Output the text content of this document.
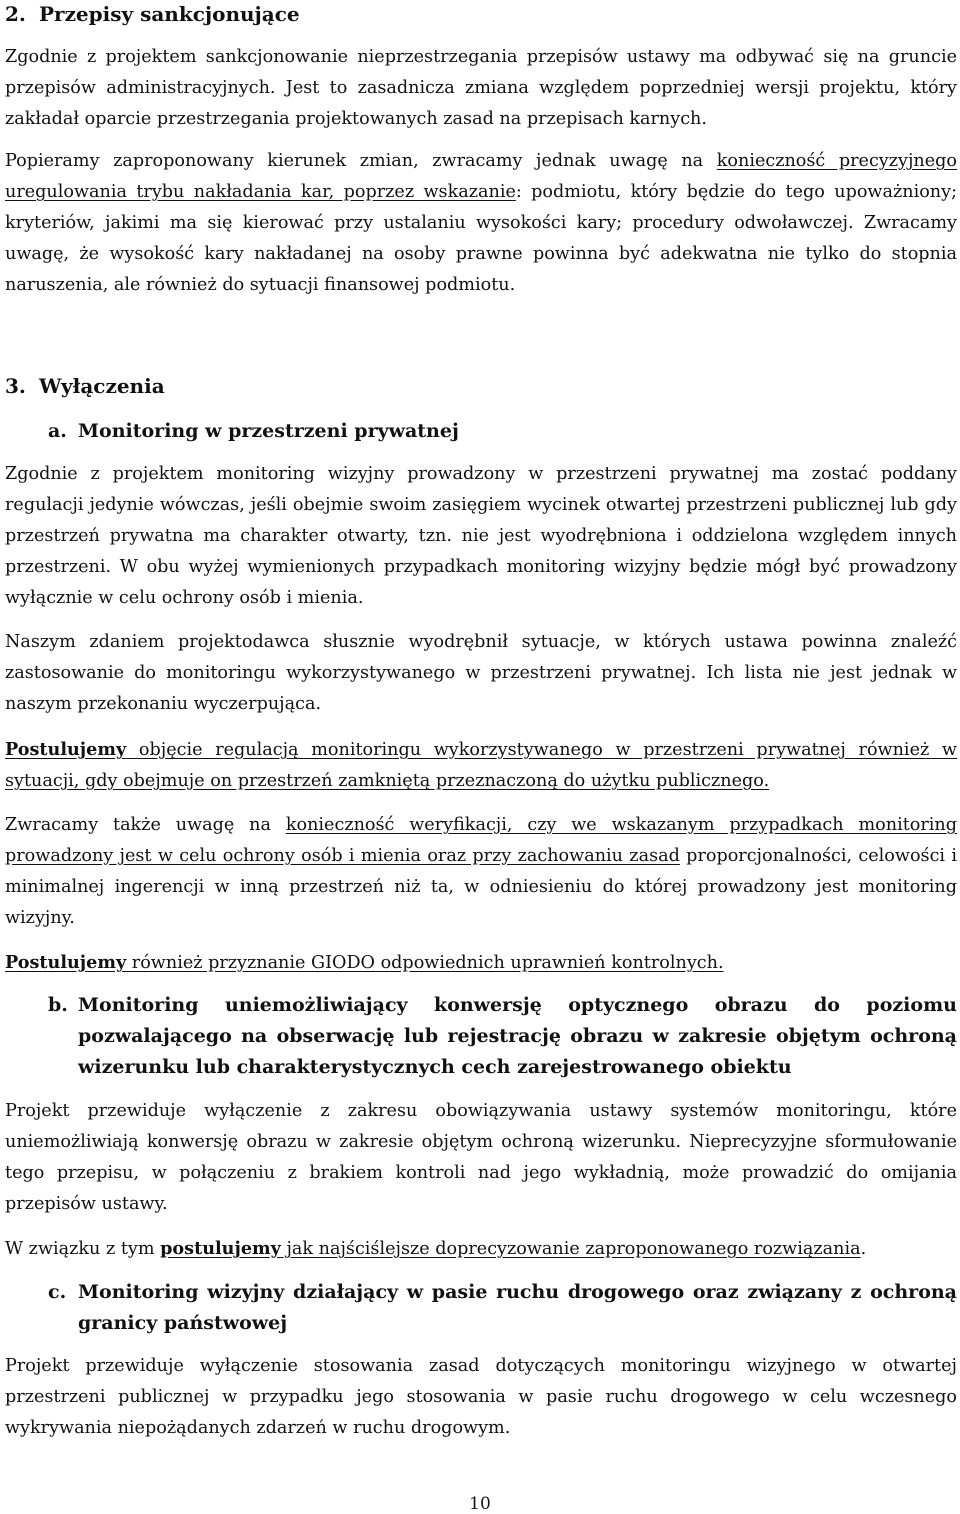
2. Przepisy sankcjonujące
Zgodnie z projektem sankcjonowanie nieprzestrzegania przepisów ustawy ma odbywać się na gruncie przepisów administracyjnych. Jest to zasadnicza zmiana względem poprzedniej wersji projektu, który zakładał oparcie przestrzegania projektowanych zasad na przepisach karnych.
Popieramy zaproponowany kierunek zmian, zwracamy jednak uwagę na konieczność precyzyjnego uregulowania trybu nakładania kar, poprzez wskazanie: podmiotu, który będzie do tego upoważniony; kryteriów, jakimi ma się kierować przy ustalaniu wysokości kary; procedury odwoławczej. Zwracamy uwagę, że wysokość kary nakładanej na osoby prawne powinna być adekwatna nie tylko do stopnia naruszenia, ale również do sytuacji finansowej podmiotu.
3. Wyłączenia
a. Monitoring w przestrzeni prywatnej
Zgodnie z projektem monitoring wizyjny prowadzony w przestrzeni prywatnej ma zostać poddany regulacji jedynie wówczas, jeśli obejmie swoim zasięgiem wycinek otwartej przestrzeni publicznej lub gdy przestrzeń prywatna ma charakter otwarty, tzn. nie jest wyodrębniona i oddzielona względem innych przestrzeni. W obu wyżej wymienionych przypadkach monitoring wizyjny będzie mógł być prowadzony wyłącznie w celu ochrony osób i mienia.
Naszym zdaniem projektodawca słusznie wyodrębnił sytuacje, w których ustawa powinna znaleźć zastosowanie do monitoringu wykorzystywanego w przestrzeni prywatnej. Ich lista nie jest jednak w naszym przekonaniu wyczerpująca.
Postulujemy objęcie regulacją monitoringu wykorzystywanego w przestrzeni prywatnej również w sytuacji, gdy obejmuje on przestrzeń zamkniętą przeznaczoną do użytku publicznego.
Zwracamy także uwagę na konieczność weryfikacji, czy we wskazanym przypadkach monitoring prowadzony jest w celu ochrony osób i mienia oraz przy zachowaniu zasad proporcjonalności, celowości i minimalnej ingerencji w inną przestrzeń niż ta, w odniesieniu do której prowadzony jest monitoring wizyjny.
Postulujemy również przyznanie GIODO odpowiednich uprawnień kontrolnych.
b. Monitoring uniemożliwiający konwersję optycznego obrazu do poziomu pozwalającego na obserwację lub rejestrację obrazu w zakresie objętym ochroną wizerunku lub charakterystycznych cech zarejestrowanego obiektu
Projekt przewiduje wyłączenie z zakresu obowiązywania ustawy systemów monitoringu, które uniemożliwiają konwersję obrazu w zakresie objętym ochroną wizerunku. Nieprecyzyjne sformułowanie tego przepisu, w połączeniu z brakiem kontroli nad jego wykładnią, może prowadzić do omijania przepisów ustawy.
W związku z tym postulujemy jak najściślejsze doprecyzowanie zaproponowanego rozwiązania.
c. Monitoring wizyjny działający w pasie ruchu drogowego oraz związany z ochroną granicy państwowej
Projekt przewiduje wyłączenie stosowania zasad dotyczących monitoringu wizyjnego w otwartej przestrzeni publicznej w przypadku jego stosowania w pasie ruchu drogowego w celu wczesnego wykrywania niepożądanych zdarzeń w ruchu drogowym.
10
